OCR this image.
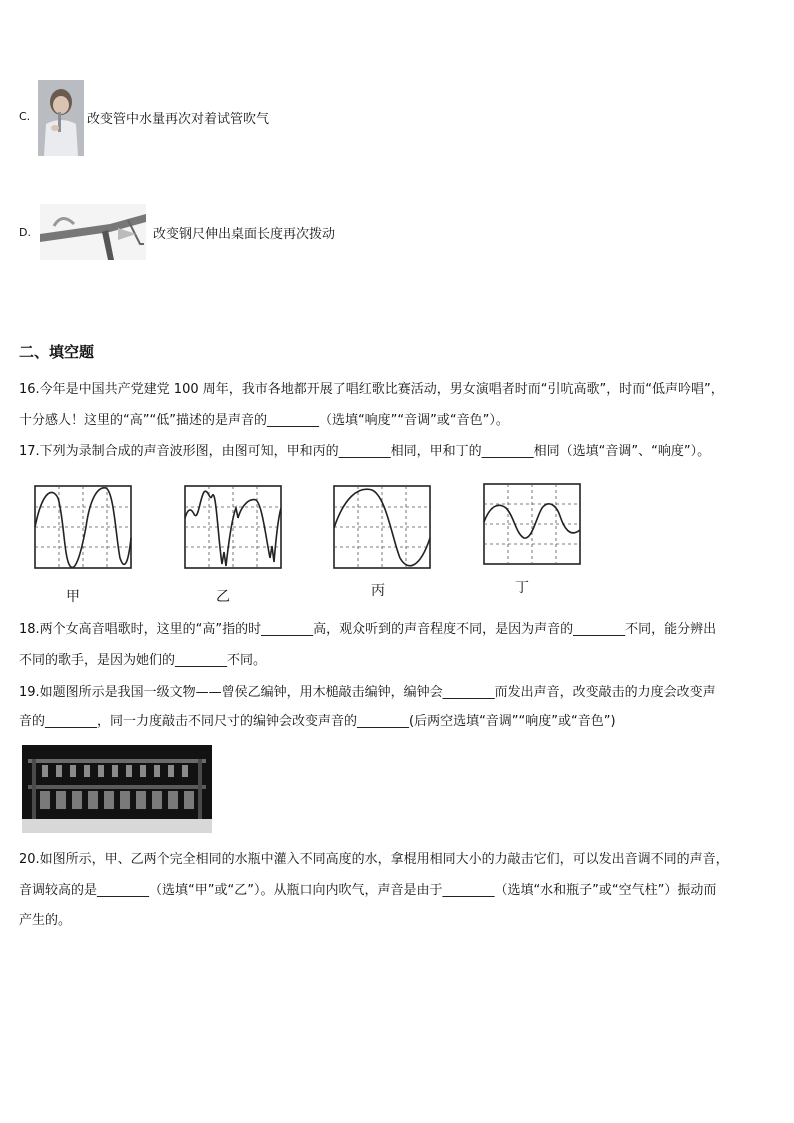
C.	改变管中水量再次对着试管吹气
D.	改变钢尺伸出桌面长度再次拨动
二、填空题
16.今年是中国共产党建党 100 周年，我市各地都开展了唱红歌比赛活动，男女演唱者时而“引吭高歌”，时而“低声吟唱”，
十分感人！这里的“高”“低”描述的是声音的________（选填“响度”“音调”或“音色”）。
17.下列为录制合成的声音波形图，由图可知，甲和丙的________相同，甲和丁的________相同（选填“音调”、“响度”）。
甲	乙	丙	丁
18.两个女高音唱歌时，这里的“高”指的时________高，观众听到的声音程度不同，是因为声音的________不同，能分辨出
不同的歌手，是因为她们的________不同。
19.如题图所示是我国一级文物——曾侯乙编钟，用木槌敲击编钟，编钟会________而发出声音，改变敲击的力度会改变声
音的________，同一力度敲击不同尺寸的编钟会改变声音的________(后两空选填“音调”“响度”或“音色”)
20.如图所示，甲、乙两个完全相同的水瓶中灌入不同高度的水，拿棍用相同大小的力敲击它们，可以发出音调不同的声音，
音调较高的是________（选填“甲”或“乙”）。从瓶口向内吹气，声音是由于________（选填“水和瓶子”或“空气柱”）振动而
产生的。
